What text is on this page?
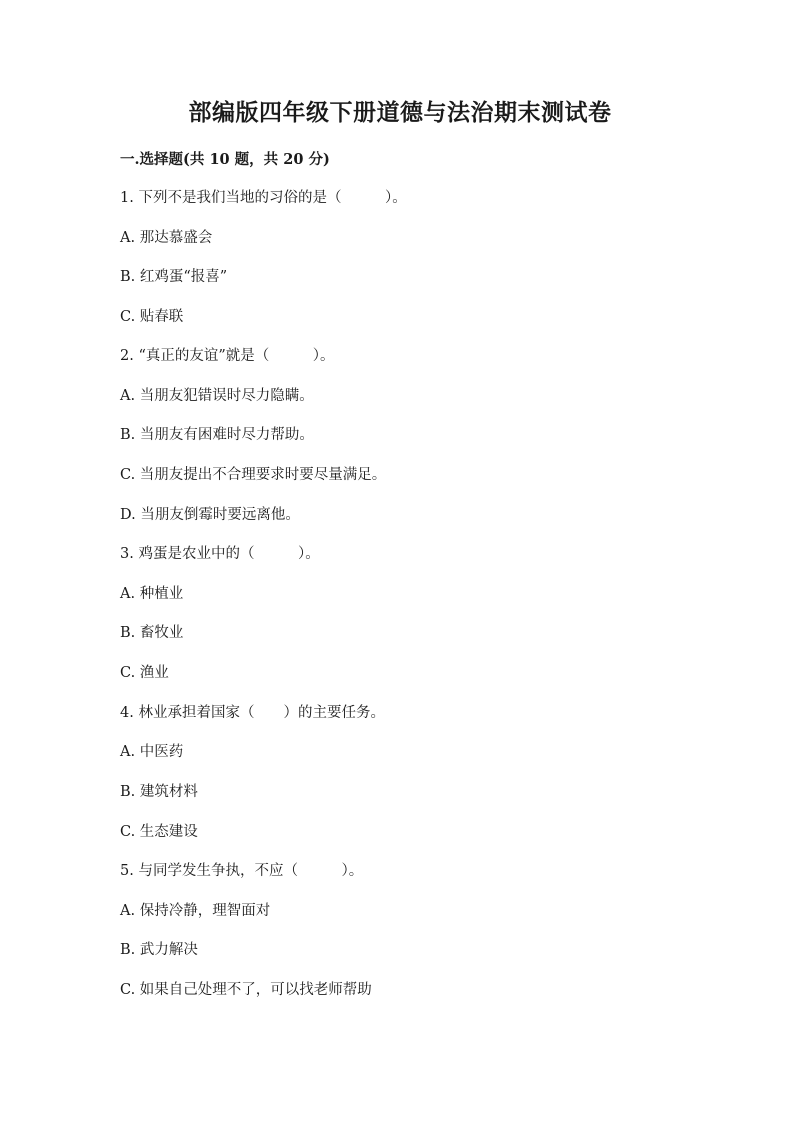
部编版四年级下册道德与法治期末测试卷
一.选择题(共 10 题，共 20 分)
1. 下列不是我们当地的习俗的是（　　　）。
A. 那达慕盛会
B. 红鸡蛋“报喜”
C. 贴春联
2. “真正的友谊”就是（　　　）。
A. 当朋友犯错误时尽力隐瞒。
B. 当朋友有困难时尽力帮助。
C. 当朋友提出不合理要求时要尽量满足。
D. 当朋友倒霉时要远离他。
3. 鸡蛋是农业中的（　　　）。
A. 种植业
B. 畜牧业
C. 渔业
4. 林业承担着国家（　　）的主要任务。
A. 中医药
B. 建筑材料
C. 生态建设
5. 与同学发生争执，不应（　　　）。
A. 保持冷静，理智面对
B. 武力解决
C. 如果自己处理不了，可以找老师帮助
